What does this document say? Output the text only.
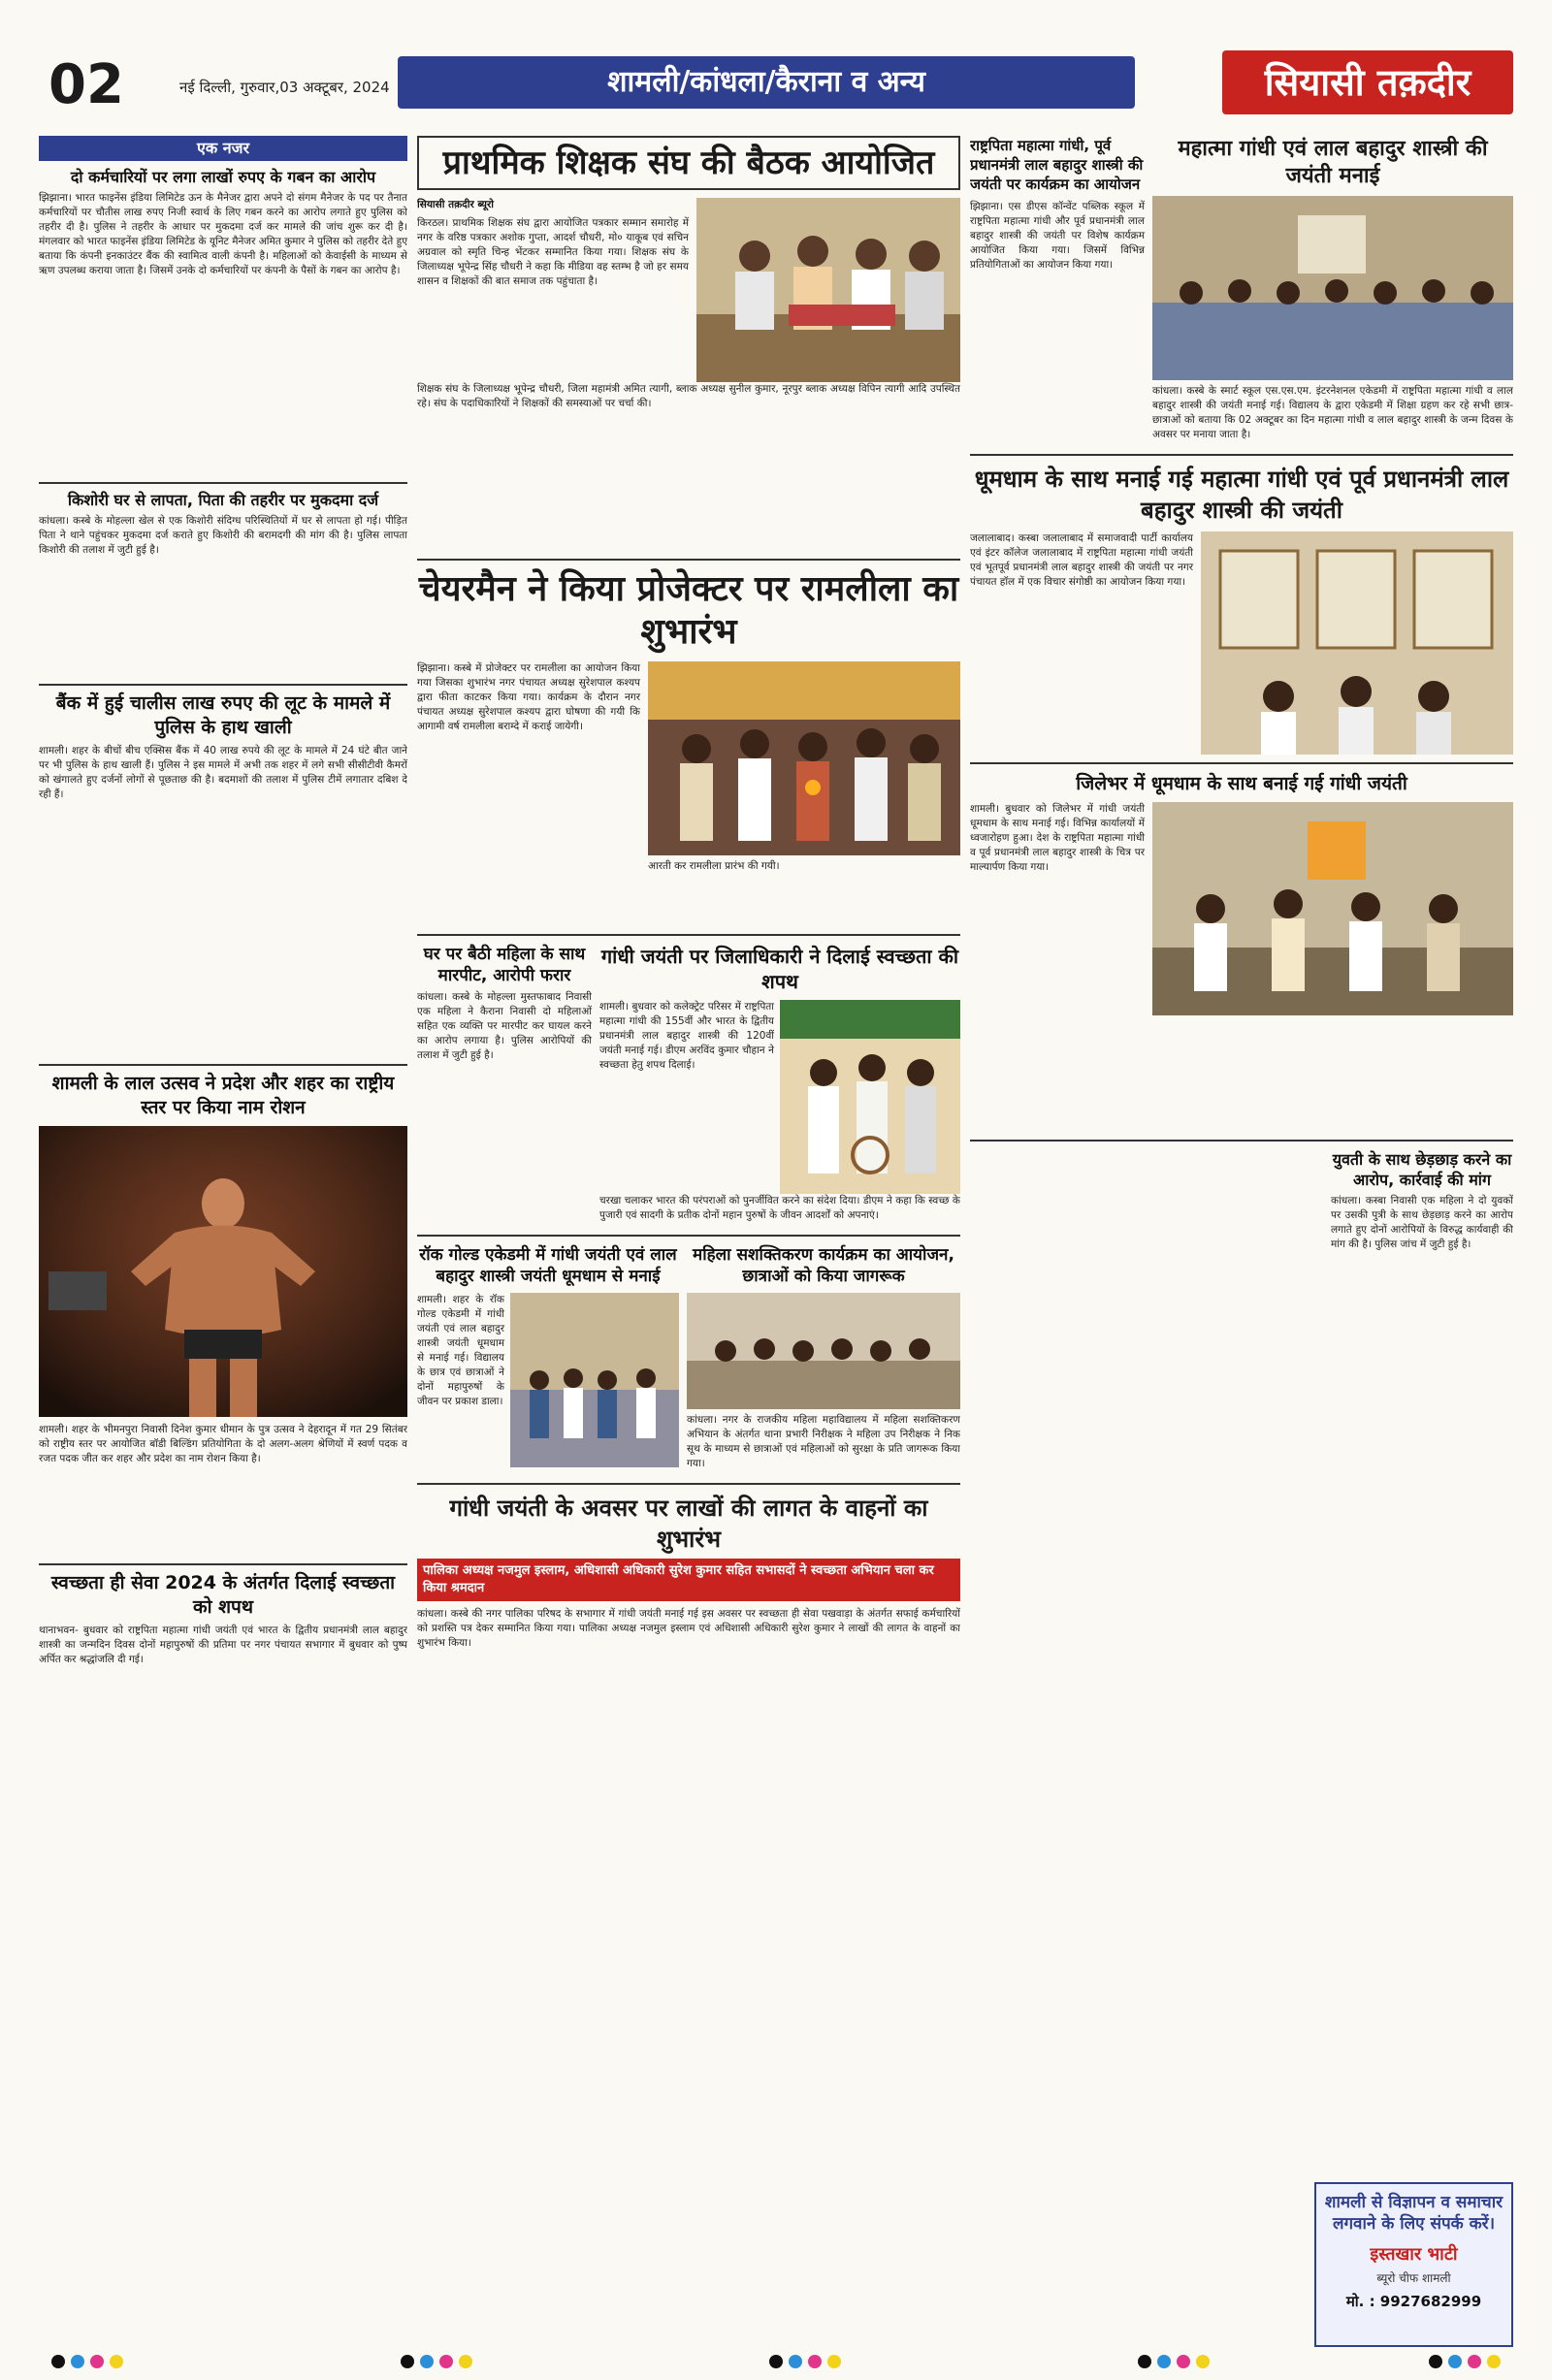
02	नई दिल्ली, गुरुवार,03 अक्टूबर, 2024	शामली/कांधला/कैराना व अन्य	सियासी तक़दीर
एक नजर
दो कर्मचारियों पर लगा लाखों रुपए के गबन का आरोप

झिझाना। भारत फाइनेंस इंडिया लिमिटेड ऊन के मैनेजर द्वारा अपने दो संगम मैनेजर के पद पर तैनात कर्मचारियों पर चौतीस लाख रुपए निजी स्वार्थ के लिए गबन करने का आरोप लगाते हुए पुलिस को तहरीर दी है। पुलिस ने तहरीर के आधार पर मुकदमा दर्ज कर मामले की जांच शुरू कर दी है। मंगलवार को भारत फाइनेंस इंडिया लिमिटेड के यूनिट मैनेजर अमित कुमार ने पुलिस को तहरीर देते हुए बताया कि कंपनी इनकाउंटर बैंक की स्वामित्व वाली कंपनी है। महिलाओं को केवाईसी के माध्यम से ऋण उपलब्ध कराया जाता है। जिसमें उनके दो कर्मचारियों पर कंपनी के पैसों के गबन का आरोप है।

किशोरी घर से लापता, पिता की तहरीर पर मुकदमा दर्ज

कांधला। कस्बे के मोहल्ला खेल से एक किशोरी संदिग्ध परिस्थितियों में घर से लापता हो गई। पीड़ित पिता ने थाने पहुंचकर मुकदमा दर्ज कराते हुए किशोरी की बरामदगी की मांग की है। पुलिस लापता किशोरी की तलाश में जुटी हुई है।

बैंक में हुई चालीस लाख रुपए की लूट के मामले में पुलिस के हाथ खाली

शामली। शहर के बीचों बीच एक्सिस बैंक में 40 लाख रुपये की लूट के मामले में 24 घंटे बीत जाने पर भी पुलिस के हाथ खाली हैं। पुलिस ने इस मामले में अभी तक शहर में लगे सभी सीसीटीवी कैमरों को खंगालते हुए दर्जनों लोगों से पूछताछ की है। बदमाशों की तलाश में पुलिस टीमें लगातार दबिश दे रही हैं।

शामली के लाल उत्सव ने प्रदेश और शहर का राष्ट्रीय स्तर पर किया नाम रोशन

शामली। शहर के भीमनपुरा निवासी दिनेश कुमार धीमान के पुत्र उत्सव ने देहरादून में गत 29 सितंबर को राष्ट्रीय स्तर पर आयोजित बॉडी बिल्डिंग प्रतियोगिता के दो अलग-अलग श्रेणियों में स्वर्ण पदक व रजत पदक जीत कर शहर और प्रदेश का नाम रोशन किया है।

स्वच्छता ही सेवा 2024 के अंतर्गत दिलाई स्वच्छता को शपथ

थानाभवन- बुधवार को राष्ट्रपिता महात्मा गांधी जयंती एवं भारत के द्वितीय प्रधानमंत्री लाल बहादुर शास्त्री का जन्मदिन दिवस दोनों महापुरुषों की प्रतिमा पर नगर पंचायत सभागार में बुधवार को पुष्प अर्पित कर श्रद्धांजलि दी गई।

प्राथमिक शिक्षक संघ की बैठक आयोजित

सियासी तक़दीर ब्यूरो

किरठल। प्राथमिक शिक्षक संघ द्वारा आयोजित पत्रकार सम्मान समारोह में नगर के वरिष्ठ पत्रकार अशोक गुप्ता, आदर्श चौधरी, मो० याकूब एवं सचिन अग्रवाल को स्मृति चिन्ह भेंटकर सम्मानित किया गया। शिक्षक संघ के जिलाध्यक्ष भूपेन्द्र सिंह चौधरी ने कहा कि मीडिया वह स्तम्भ है जो हर समय शासन व शिक्षकों की बात समाज तक पहुंचाता है।

शिक्षक संघ के जिलाध्यक्ष भूपेन्द्र चौधरी, जिला महामंत्री अमित त्यागी, ब्लाक अध्यक्ष सुनील कुमार, नूरपुर ब्लाक अध्यक्ष विपिन त्यागी आदि उपस्थित रहे। संघ के पदाधिकारियों ने शिक्षकों की समस्याओं पर चर्चा की।

चेयरमैन ने किया प्रोजेक्टर पर रामलीला का शुभारंभ

झिझाना। कस्बे में प्रोजेक्टर पर रामलीला का आयोजन किया गया जिसका शुभारंभ नगर पंचायत अध्यक्ष सुरेशपाल कश्यप द्वारा फीता काटकर किया गया। कार्यक्रम के दौरान नगर पंचायत अध्यक्ष सुरेशपाल कश्यप द्वारा घोषणा की गयी कि आगामी वर्ष रामलीला बराम्दे में कराई जायेगी।

आरती कर रामलीला प्रारंभ की गयी।

घर पर बैठी महिला के साथ मारपीट, आरोपी फरार

कांधला। कस्बे के मोहल्ला मुस्तफाबाद निवासी एक महिला ने कैराना निवासी दो महिलाओं सहित एक व्यक्ति पर मारपीट कर घायल करने का आरोप लगाया है। पुलिस आरोपियों की तलाश में जुटी हुई है।

गांधी जयंती पर जिलाधिकारी ने दिलाई स्वच्छता की शपथ

शामली। बुधवार को कलेक्ट्रेट परिसर में राष्ट्रपिता महात्मा गांधी की 155वीं और भारत के द्वितीय प्रधानमंत्री लाल बहादुर शास्त्री की 120वीं जयंती मनाई गई। डीएम अरविंद कुमार चौहान ने स्वच्छता हेतु शपथ दिलाई।

चरखा चलाकर भारत की परंपराओं को पुनर्जीवित करने का संदेश दिया। डीएम ने कहा कि स्वच्छ के पुजारी एवं सादगी के प्रतीक दोनों महान पुरुषों के जीवन आदर्शों को अपनाएं।

रॉक गोल्ड एकेडमी में गांधी जयंती एवं लाल बहादुर शास्त्री जयंती धूमधाम से मनाई

शामली। शहर के रॉक गोल्ड एकेडमी में गांधी जयंती एवं लाल बहादुर शास्त्री जयंती धूमधाम से मनाई गई। विद्यालय के छात्र एवं छात्राओं ने दोनों महापुरुषों के जीवन पर प्रकाश डाला।

महिला सशक्तिकरण कार्यक्रम का आयोजन, छात्राओं को किया जागरूक

कांधला। नगर के राजकीय महिला महाविद्यालय में महिला सशक्तिकरण अभियान के अंतर्गत थाना प्रभारी निरीक्षक ने महिला उप निरीक्षक ने निक सूथ के माध्यम से छात्राओं एवं महिलाओं को सुरक्षा के प्रति जागरूक किया गया।

गांधी जयंती के अवसर पर लाखों की लागत के वाहनों का शुभारंभ
पालिका अध्यक्ष नजमुल इस्लाम, अधिशासी अधिकारी सुरेश कुमार सहित सभासदों ने स्वच्छता अभियान चला कर किया श्रमदान

कांधला। कस्बे की नगर पालिका परिषद के सभागार में गांधी जयंती मनाई गई इस अवसर पर स्वच्छता ही सेवा पखवाड़ा के अंतर्गत सफाई कर्मचारियों को प्रशस्ति पत्र देकर सम्मानित किया गया। पालिका अध्यक्ष नजमुल इस्लाम एवं अधिशासी अधिकारी सुरेश कुमार ने लाखों की लागत के वाहनों का शुभारंभ किया।

राष्ट्रपिता महात्मा गांधी, पूर्व प्रधानमंत्री लाल बहादुर शास्त्री की जयंती पर कार्यक्रम का आयोजन

झिझाना। एस डीएस कॉन्वेंट पब्लिक स्कूल में राष्ट्रपिता महात्मा गांधी और पूर्व प्रधानमंत्री लाल बहादुर शास्त्री की जयंती पर विशेष कार्यक्रम आयोजित किया गया। जिसमें विभिन्न प्रतियोगिताओं का आयोजन किया गया।

महात्मा गांधी एवं लाल बहादुर शास्त्री की जयंती मनाई

कांधला। कस्बे के स्मार्ट स्कूल एस.एस.एम. इंटरनेशनल एकेडमी में राष्ट्रपिता महात्मा गांधी व लाल बहादुर शास्त्री की जयंती मनाई गई। विद्यालय के द्वारा एकेडमी में शिक्षा ग्रहण कर रहे सभी छात्र-छात्राओं को बताया कि 02 अक्टूबर का दिन महात्मा गांधी व लाल बहादुर शास्त्री के जन्म दिवस के अवसर पर मनाया जाता है।

धूमधाम के साथ मनाई गई महात्मा गांधी एवं पूर्व प्रधानमंत्री लाल बहादुर शास्त्री की जयंती

जलालाबाद। कस्बा जलालाबाद में समाजवादी पार्टी कार्यालय एवं इंटर कॉलेज जलालाबाद में राष्ट्रपिता महात्मा गांधी जयंती एवं भूतपूर्व प्रधानमंत्री लाल बहादुर शास्त्री की जयंती पर नगर पंचायत हॉल में एक विचार संगोष्ठी का आयोजन किया गया।

जिलेभर में धूमधाम के साथ बनाई गई गांधी जयंती

शामली। बुधवार को जिलेभर में गांधी जयंती धूमधाम के साथ मनाई गई। विभिन्न कार्यालयों में ध्वजारोहण हुआ। देश के राष्ट्रपिता महात्मा गांधी व पूर्व प्रधानमंत्री लाल बहादुर शास्त्री के चित्र पर माल्यार्पण किया गया।

युवती के साथ छेड़छाड़ करने का आरोप, कार्रवाई की मांग

कांधला। कस्बा निवासी एक महिला ने दो युवकों पर उसकी पुत्री के साथ छेड़छाड़ करने का आरोप लगाते हुए दोनों आरोपियों के विरुद्ध कार्यवाही की मांग की है। पुलिस जांच में जुटी हुई है।

शामली से विज्ञापन व समाचार लगवाने के लिए संपर्क करें।
इस्तखार भाटी
ब्यूरो चीफ शामली
मो. : 9927682999
